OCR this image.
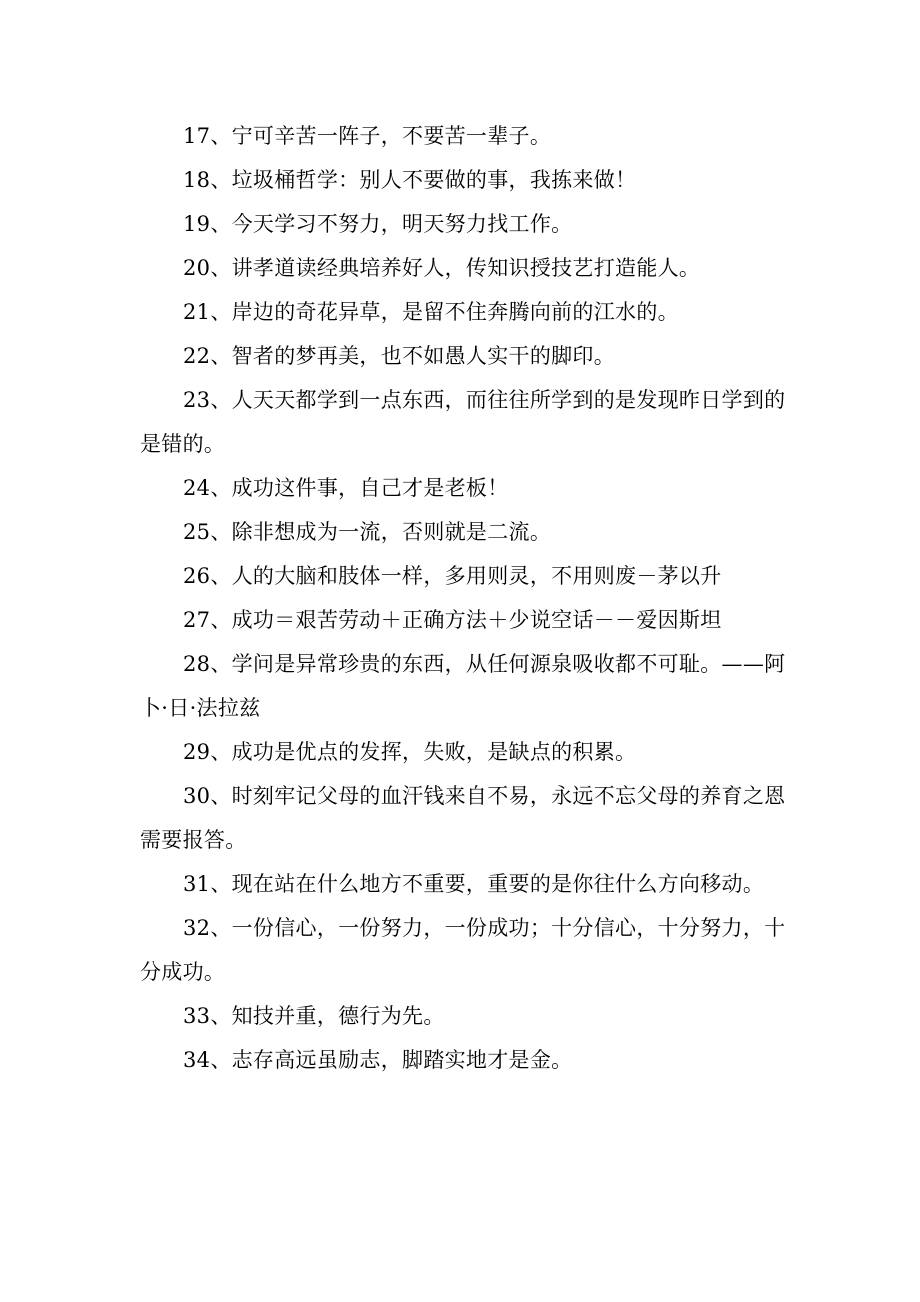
17、宁可辛苦一阵子，不要苦一辈子。

18、垃圾桶哲学：别人不要做的事，我拣来做！

19、今天学习不努力，明天努力找工作。

20、讲孝道读经典培养好人，传知识授技艺打造能人。

21、岸边的奇花异草，是留不住奔腾向前的江水的。

22、智者的梦再美，也不如愚人实干的脚印。

23、人天天都学到一点东西，而往往所学到的是发现昨日学到的是错的。

24、成功这件事，自己才是老板！

25、除非想成为一流，否则就是二流。

26、人的大脑和肢体一样，多用则灵，不用则废－茅以升

27、成功＝艰苦劳动＋正确方法＋少说空话－－爱因斯坦

28、学问是异常珍贵的东西，从任何源泉吸收都不可耻。——阿卜·日·法拉兹

29、成功是优点的发挥，失败，是缺点的积累。

30、时刻牢记父母的血汗钱来自不易，永远不忘父母的养育之恩需要报答。

31、现在站在什么地方不重要，重要的是你往什么方向移动。

32、一份信心，一份努力，一份成功；十分信心，十分努力，十分成功。

33、知技并重，德行为先。

34、志存高远虽励志，脚踏实地才是金。
